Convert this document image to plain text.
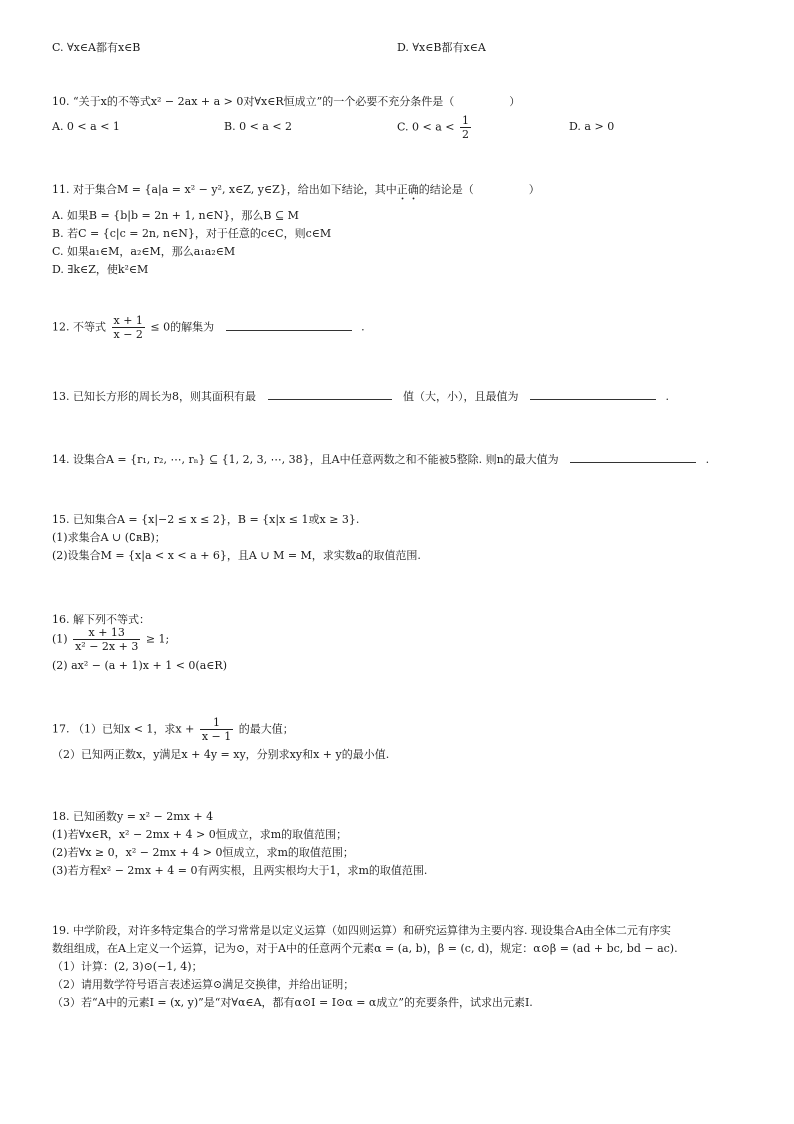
C. ∀x∈A都有x∈B	D. ∀x∈B都有x∈A
10. “关于x的不等式x² − 2ax + a > 0对∀x∈R恒成立”的一个必要不充分条件是（　　　　　）
A. 0 < a < 1	B. 0 < a < 2	C. $0 < a < \frac{1}{2}$	D. a > 0
11. 对于集合M = {a|a = x² − y², x∈Z, y∈Z}，给出如下结论，其中正确的结论是（　　　　　）
A. 如果B = {b|b = 2n + 1, n∈N}，那么B ⊆ M
B. 若C = {c|c = 2n, n∈N}，对于任意的c∈C，则c∈M
C. 如果a₁∈M，a₂∈M，那么a₁a₂∈M
D. ∃k∈Z，使k²∈M
12. 不等式 $\frac{x + 1}{x - 2} \le 0$的解集为	.
13. 已知长方形的周长为8，则其面积有最	值（大，小），且最值为	.
14. 设集合A = {r₁, r₂, ⋯, rₙ} ⊆ {1, 2, 3, ⋯, 38}，且A中任意两数之和不能被5整除. 则n的最大值为	.
15. 已知集合A = {x|−2 ≤ x ≤ 2}，B = {x|x ≤ 1或x ≥ 3}.
(1)求集合A ∪ (∁ʀB)；
(2)设集合M = {x|a < x < a + 6}，且A ∪ M = M，求实数a的取值范围.
16. 解下列不等式：
$(1) \frac{x + 13}{\text{x² − 2x + 3}} \ge 1$;
(2) ax² − (a + 1)x + 1 < 0(a∈R)
17. （1）已知x < 1，求$x + \frac{1}{x - 1}$ 的最大值；
（2）已知两正数x，y满足x + 4y = xy，分别求xy和x + y的最小值.
18. 已知函数y = x² − 2mx + 4
(1)若∀x∈R，x² − 2mx + 4 > 0恒成立，求m的取值范围；
(2)若∀x ≥ 0，x² − 2mx + 4 > 0恒成立，求m的取值范围；
(3)若方程x² − 2mx + 4 = 0有两实根，且两实根均大于1，求m的取值范围.
19. 中学阶段，对许多特定集合的学习常常是以定义运算（如四则运算）和研究运算律为主要内容. 现设集合A由全体二元有序实
数组组成，在A上定义一个运算，记为⊙，对于A中的任意两个元素α = (a, b)，β = (c, d)，规定：α⊙β = (ad + bc, bd − ac).
（1）计算：(2, 3)⊙(−1, 4)；
（2）请用数学符号语言表述运算⊙满足交换律，并给出证明；
（3）若“A中的元素I = (x, y)”是“对∀α∈A，都有α⊙I = I⊙α = α成立”的充要条件，试求出元素I.
